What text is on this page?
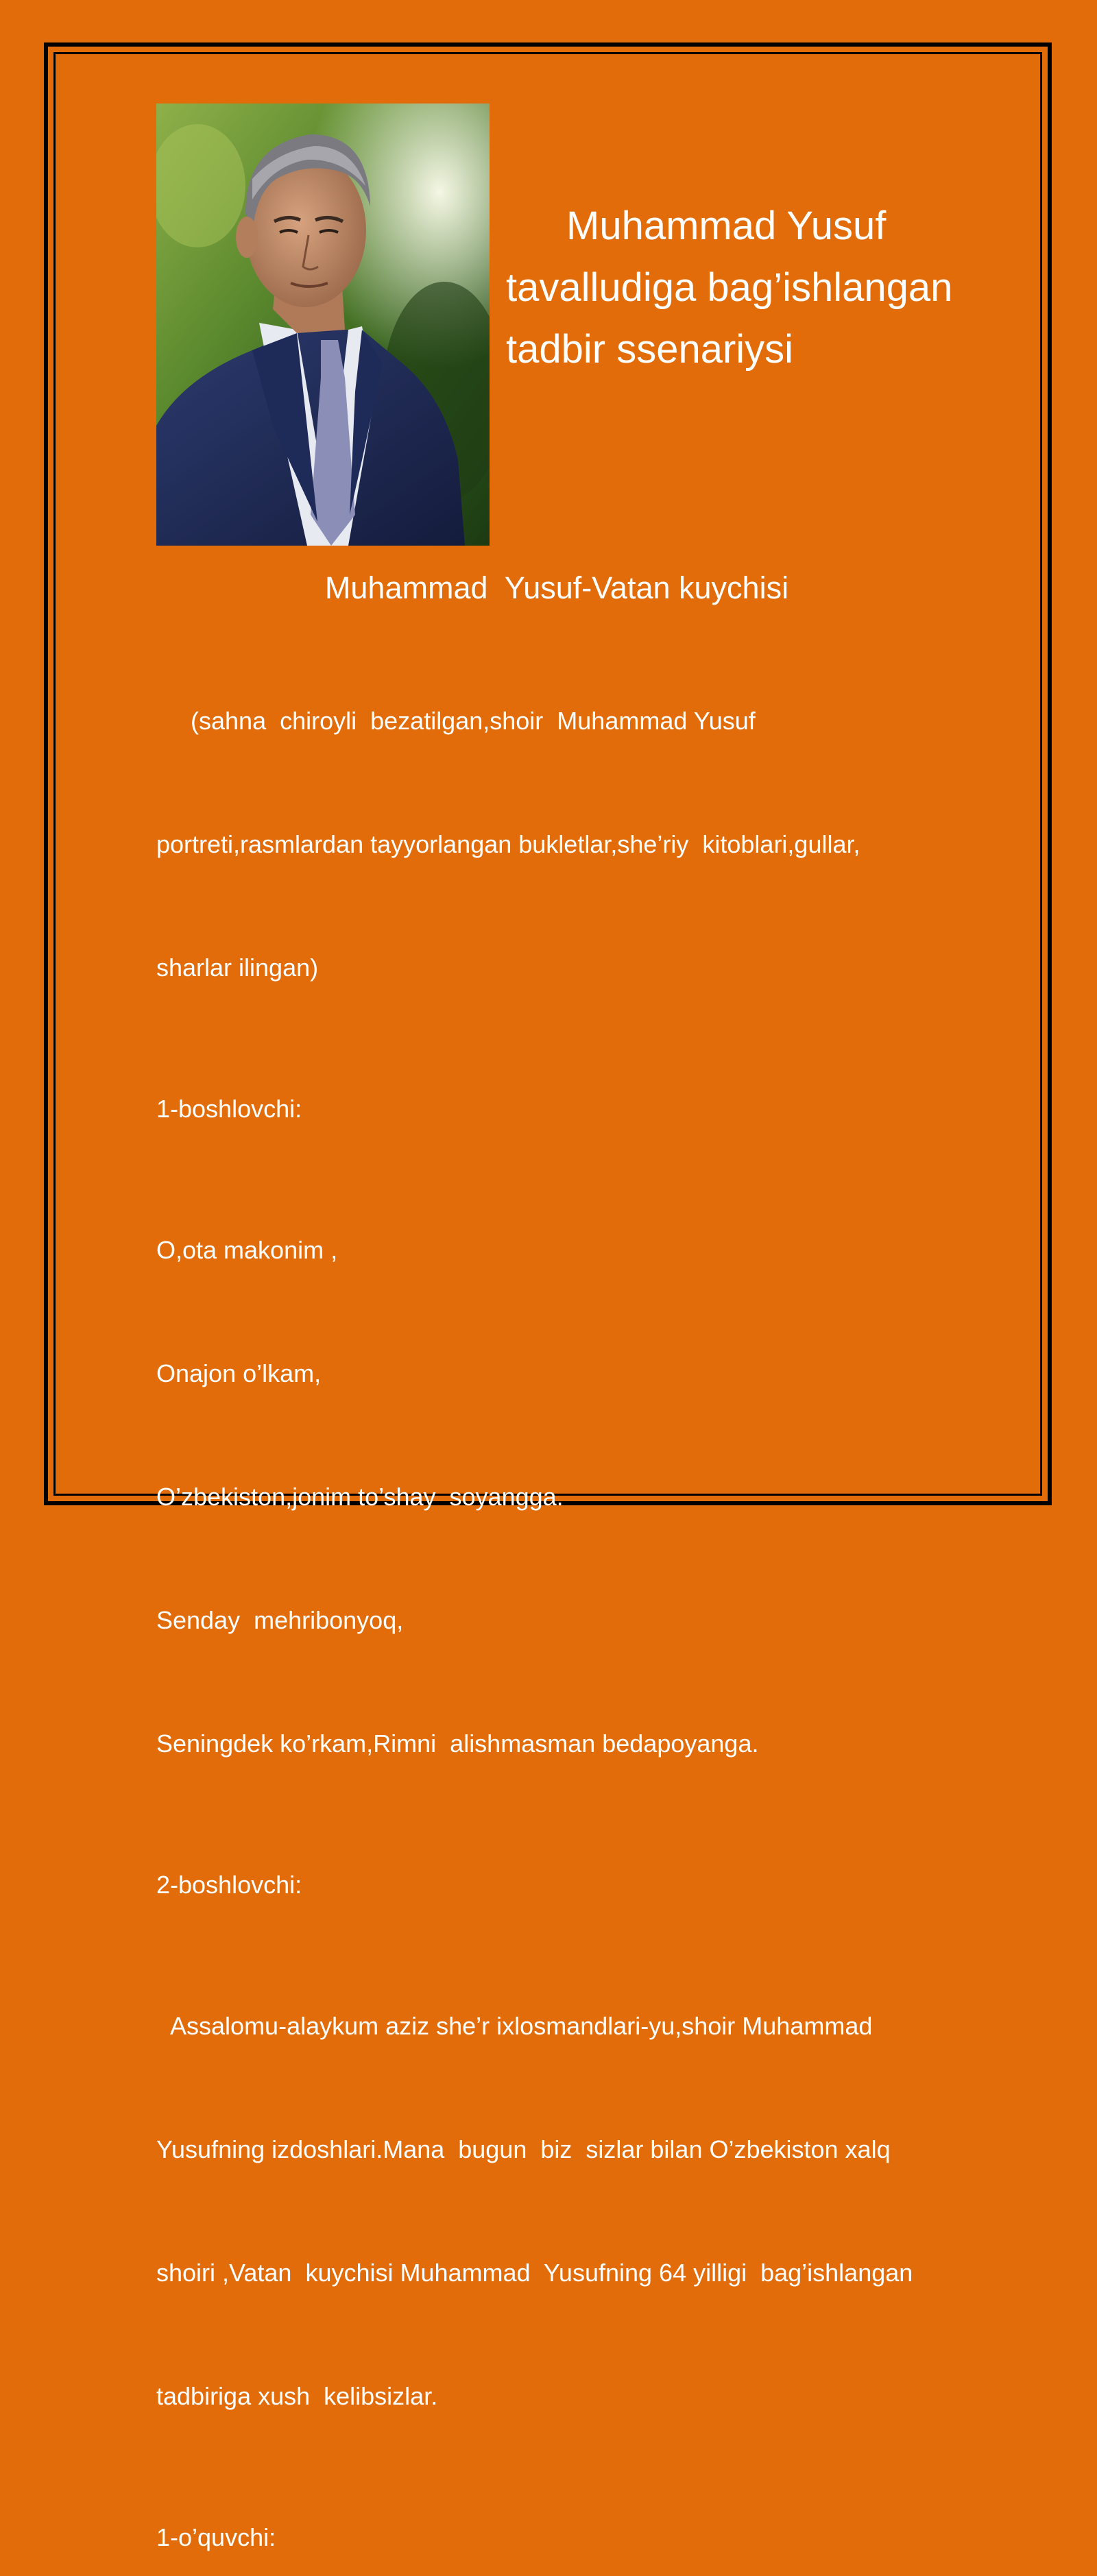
Muhammad Yusuf
tavalludiga bag’ishlangan
tadbir ssenariysi
Muhammad  Yusuf-Vatan kuychisi

(sahna  chiroyli  bezatilgan,shoir  Muhammad Yusuf

portreti,rasmlardan tayyorlangan bukletlar,she’riy  kitoblari,gullar,

sharlar ilingan)

1-boshlovchi:

O,ota makonim ,

Onajon o’lkam,

O’zbekiston,jonim to’shay  soyangga.

Senday  mehribonyoq,

Seningdek ko’rkam,Rimni  alishmasman bedapoyanga.

2-boshlovchi:

Assalomu-alaykum aziz she’r ixlosmandlari-yu,shoir Muhammad

Yusufning izdoshlari.Mana  bugun  biz  sizlar bilan O’zbekiston xalq

shoiri ,Vatan  kuychisi Muhammad  Yusufning 64 yilligi  bag’ishlangan

tadbiriga xush  kelibsizlar.

1-o’quvchi:
